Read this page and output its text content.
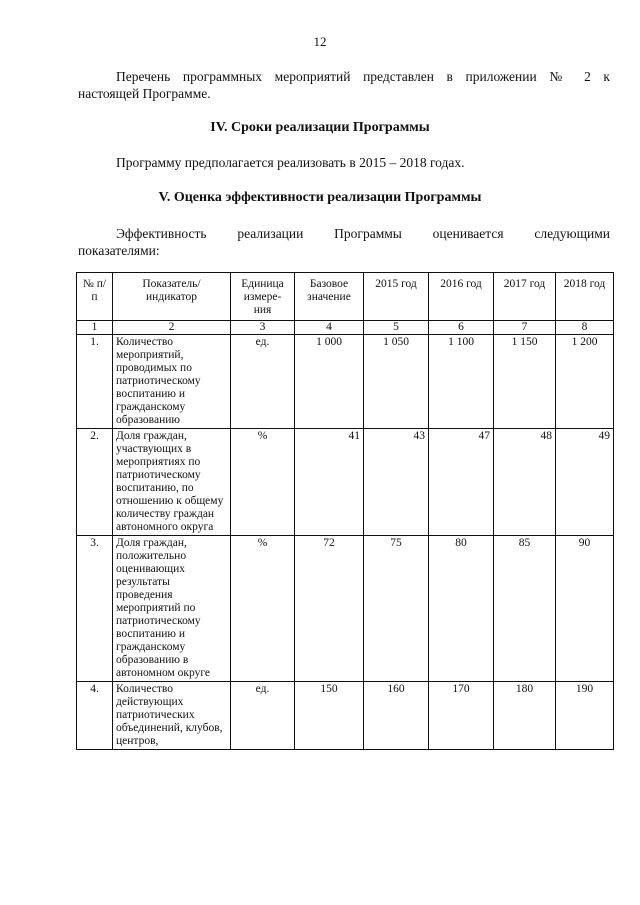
12
Перечень программных мероприятий представлен в приложении № 2 к
настоящей Программе.
IV. Сроки реализации Программы
Программу предполагается реализовать в 2015 – 2018 годах.
V. Оценка эффективности реализации Программы
Эффективность реализации Программы оценивается следующими
показателями:
№ п/п	Показатель/ индикатор	Единица измере- ния	Базовое значение	2015 год	2016 год	2017 год	2018 год
1	2	3	4	5	6	7	8
1.	Количество мероприятий, проводимых по патриотическому воспитанию и гражданскому образованию	ед.	1 000	1 050	1 100	1 150	1 200
2.	Доля граждан, участвующих в мероприятиях по патриотическому воспитанию, по отношению к общему количеству граждан автономного округа	%	41	43	47	48	49
3.	Доля граждан, положительно оценивающих результаты проведения мероприятий по патриотическому воспитанию и гражданскому образованию в автономном округе	%	72	75	80	85	90
4.	Количество действующих патриотических объединений, клубов, центров,	ед.	150	160	170	180	190
